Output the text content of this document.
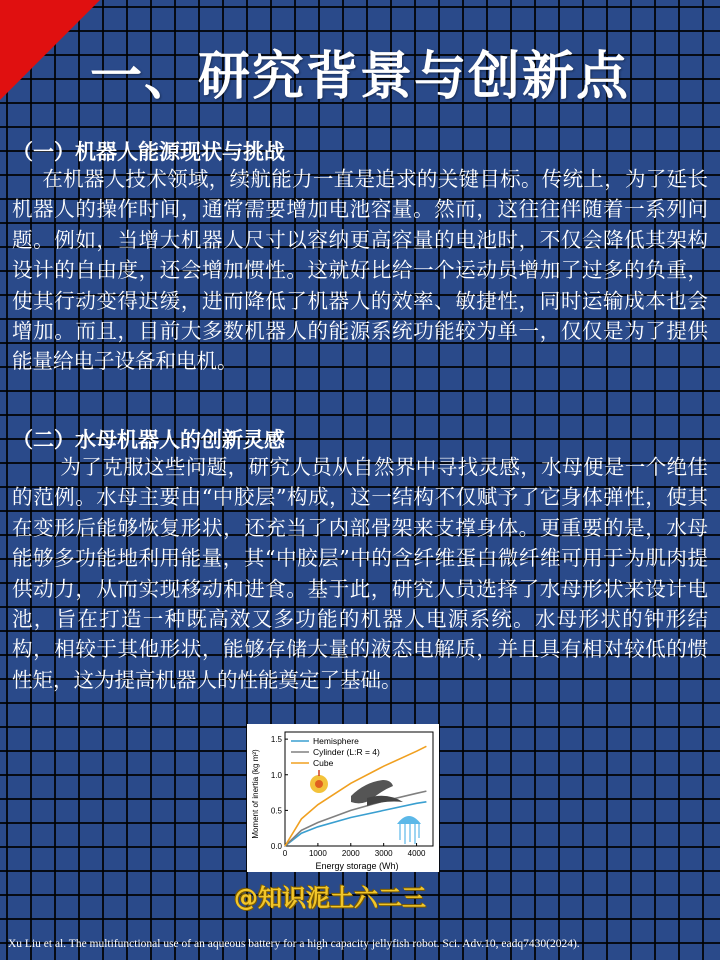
一、研究背景与创新点
（一）机器人能源现状与挑战
在机器人技术领域，续航能力一直是追求的关键目标。传统上，为了延长机器人的操作时间，通常需要增加电池容量。然而，这往往伴随着一系列问题。例如，当增大机器人尺寸以容纳更高容量的电池时，不仅会降低其架构设计的自由度，还会增加惯性。这就好比给一个运动员增加了过多的负重，使其行动变得迟缓，进而降低了机器人的效率、敏捷性，同时运输成本也会增加。而且，目前大多数机器人的能源系统功能较为单一，仅仅是为了提供能量给电子设备和电机。
（二）水母机器人的创新灵感
为了克服这些问题，研究人员从自然界中寻找灵感，水母便是一个绝佳的范例。水母主要由“中胶层”构成，这一结构不仅赋予了它身体弹性，使其在变形后能够恢复形状，还充当了内部骨架来支撑身体。更重要的是，水母能够多功能地利用能量，其“中胶层”中的含纤维蛋白微纤维可用于为肌肉提供动力，从而实现移动和进食。基于此，研究人员选择了水母形状来设计电池，旨在打造一种既高效又多功能的机器人电源系统。水母形状的钟形结构，相较于其他形状，能够存储大量的液态电解质，并且具有相对较低的惯性矩，这为提高机器人的性能奠定了基础。
Moment of inertia (kg m²)
Energy storage (Wh)
0.0
0.5
1.0
1.5
0	1000 2000 3000 4000
Hemisphere
Cylinder (L:R = 4)
Cube
@知识泥土六二三
Xu Liu et al. The multifunctional use of an aqueous battery for a high capacity jellyfish robot. Sci. Adv.10, eadq7430(2024).
